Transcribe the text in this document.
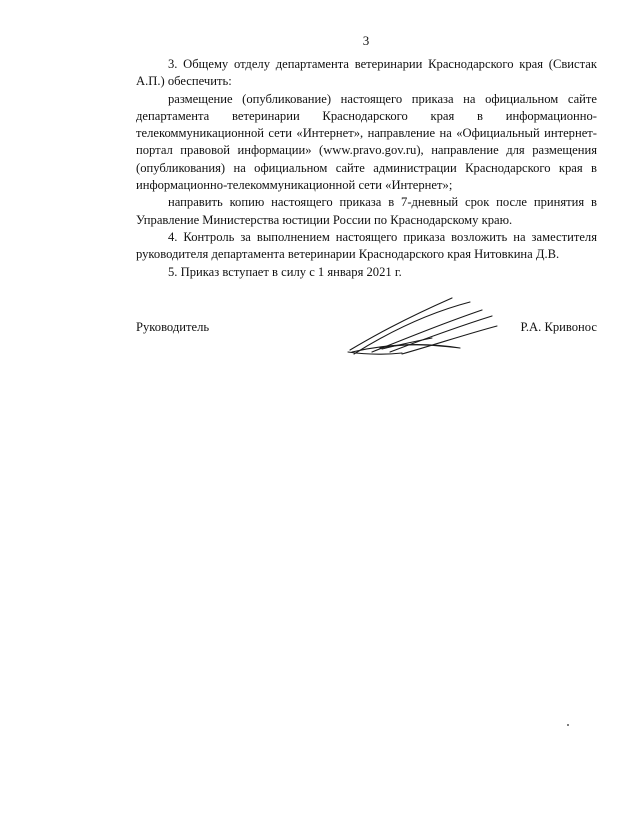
3

3. Общему отделу департамента ветеринарии Краснодарского края (Свистак А.П.) обеспечить:

размещение (опубликование) настоящего приказа на официальном сайте департамента ветеринарии Краснодарского края в информационно-телекоммуникационной сети «Интернет», направление на «Официальный интернет-портал правовой информации» (www.pravo.gov.ru), направление для размещения (опубликования) на официальном сайте администрации Краснодарского края в информационно-телекоммуникационной сети «Интернет»;

направить копию настоящего приказа в 7-дневный срок после принятия в Управление Министерства юстиции России по Краснодарскому краю.

4. Контроль за выполнением настоящего приказа возложить на заместителя руководителя департамента ветеринарии Краснодарского края Нитовкина Д.В.

5. Приказ вступает в силу с 1 января 2021 г.

Руководитель	Р.А. Кривонос
